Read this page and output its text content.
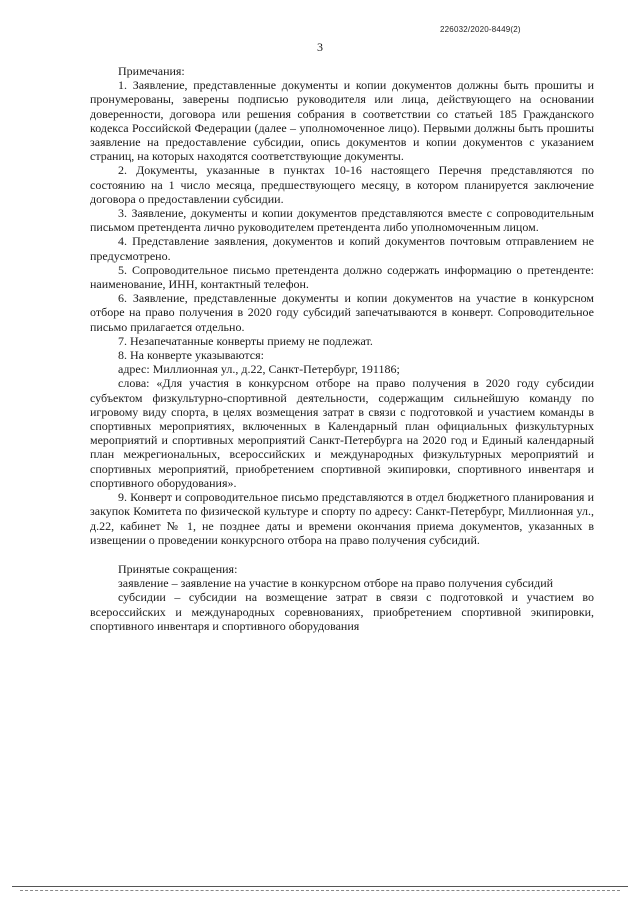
226032/2020-8449(2)
3

Примечания:

1. Заявление, представленные документы и копии документов должны быть прошиты и пронумерованы, заверены подписью руководителя или лица, действующего на основании доверенности, договора или решения собрания в соответствии со статьей 185 Гражданского кодекса Российской Федерации (далее – уполномоченное лицо). Первыми должны быть прошиты заявление на предоставление субсидии, опись документов и копии документов с указанием страниц, на которых находятся соответствующие документы.

2. Документы, указанные в пунктах 10-16 настоящего Перечня представляются по состоянию на 1 число месяца, предшествующего месяцу, в котором планируется заключение договора о предоставлении субсидии.

3. Заявление, документы и копии документов представляются вместе с сопроводительным письмом претендента лично руководителем претендента либо уполномоченным лицом.

4. Представление заявления, документов и копий документов почтовым отправлением не предусмотрено.

5. Сопроводительное письмо претендента должно содержать информацию о претенденте: наименование, ИНН, контактный телефон.

6. Заявление, представленные документы и копии документов на участие в конкурсном отборе на право получения в 2020 году субсидий запечатываются в конверт. Сопроводительное письмо прилагается отдельно.

7. Незапечатанные конверты приему не подлежат.

8. На конверте указываются:

адрес: Миллионная ул., д.22, Санкт-Петербург, 191186;

слова: «Для участия в конкурсном отборе на право получения в 2020 году субсидии субъектом физкультурно-спортивной деятельности, содержащим сильнейшую команду по игровому виду спорта, в целях возмещения затрат в связи с подготовкой и участием команды в спортивных мероприятиях, включенных в Календарный план официальных физкультурных мероприятий и спортивных мероприятий Санкт-Петербурга на 2020 год и Единый календарный план межрегиональных, всероссийских и международных физкультурных мероприятий и спортивных мероприятий, приобретением спортивной экипировки, спортивного инвентаря и спортивного оборудования».

9. Конверт и сопроводительное письмо представляются в отдел бюджетного планирования и закупок Комитета по физической культуре и спорту по адресу: Санкт-Петербург, Миллионная ул., д.22, кабинет № 1, не позднее даты и времени окончания приема документов, указанных в извещении о проведении конкурсного отбора на право получения субсидий.

Принятые сокращения:

заявление – заявление на участие в конкурсном отборе на право получения субсидий

субсидии – субсидии на возмещение затрат в связи с подготовкой и участием во всероссийских и международных соревнованиях, приобретением спортивной экипировки, спортивного инвентаря и спортивного оборудования
